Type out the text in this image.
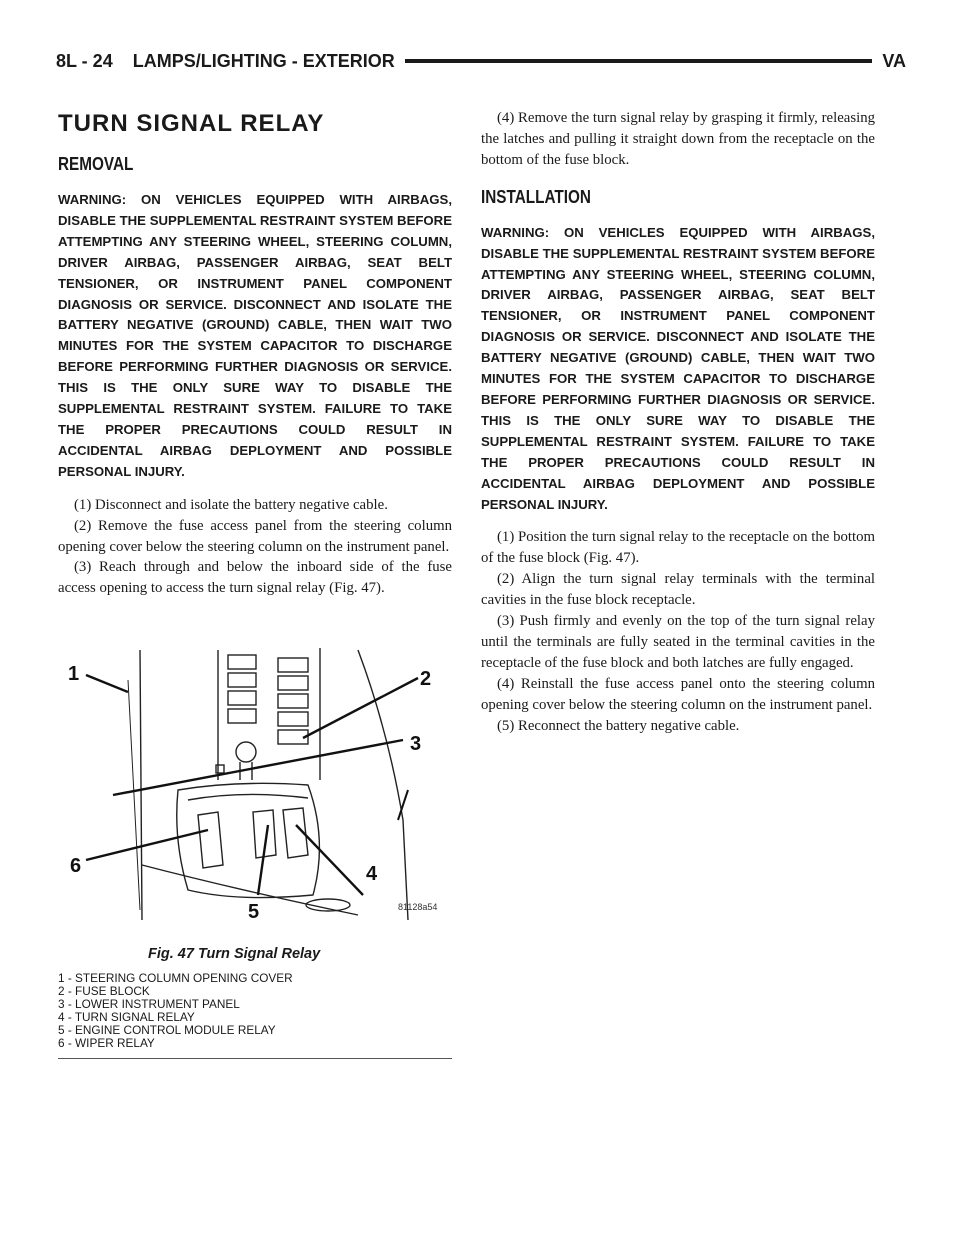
8L - 24    LAMPS/LIGHTING - EXTERIOR	VA
TURN SIGNAL RELAY
REMOVAL

WARNING: ON VEHICLES EQUIPPED WITH AIRBAGS, DISABLE THE SUPPLEMENTAL RESTRAINT SYSTEM BEFORE ATTEMPTING ANY STEERING WHEEL, STEERING COLUMN, DRIVER AIRBAG, PASSENGER AIRBAG, SEAT BELT TENSIONER, OR INSTRUMENT PANEL COMPONENT DIAGNOSIS OR SERVICE. DISCONNECT AND ISOLATE THE BATTERY NEGATIVE (GROUND) CABLE, THEN WAIT TWO MINUTES FOR THE SYSTEM CAPACITOR TO DISCHARGE BEFORE PERFORMING FURTHER DIAGNOSIS OR SERVICE. THIS IS THE ONLY SURE WAY TO DISABLE THE SUPPLEMENTAL RESTRAINT SYSTEM. FAILURE TO TAKE THE PROPER PRECAUTIONS COULD RESULT IN ACCIDENTAL AIRBAG DEPLOYMENT AND POSSIBLE PERSONAL INJURY.

(1) Disconnect and isolate the battery negative cable.

(2) Remove the fuse access panel from the steering column opening cover below the steering column on the instrument panel.

(3) Reach through and below the inboard side of the fuse access opening to access the turn signal relay (Fig. 47).

1	2
3
4
5
6
81128a54
Fig. 47 Turn Signal Relay

1 - STEERING COLUMN OPENING COVER

2 - FUSE BLOCK

3 - LOWER INSTRUMENT PANEL

4 - TURN SIGNAL RELAY

5 - ENGINE CONTROL MODULE RELAY

6 - WIPER RELAY

(4) Remove the turn signal relay by grasping it firmly, releasing the latches and pulling it straight down from the receptacle on the bottom of the fuse block.

INSTALLATION

WARNING: ON VEHICLES EQUIPPED WITH AIRBAGS, DISABLE THE SUPPLEMENTAL RESTRAINT SYSTEM BEFORE ATTEMPTING ANY STEERING WHEEL, STEERING COLUMN, DRIVER AIRBAG, PASSENGER AIRBAG, SEAT BELT TENSIONER, OR INSTRUMENT PANEL COMPONENT DIAGNOSIS OR SERVICE. DISCONNECT AND ISOLATE THE BATTERY NEGATIVE (GROUND) CABLE, THEN WAIT TWO MINUTES FOR THE SYSTEM CAPACITOR TO DISCHARGE BEFORE PERFORMING FURTHER DIAGNOSIS OR SERVICE. THIS IS THE ONLY SURE WAY TO DISABLE THE SUPPLEMENTAL RESTRAINT SYSTEM. FAILURE TO TAKE THE PROPER PRECAUTIONS COULD RESULT IN ACCIDENTAL AIRBAG DEPLOYMENT AND POSSIBLE PERSONAL INJURY.

(1) Position the turn signal relay to the receptacle on the bottom of the fuse block (Fig. 47).

(2) Align the turn signal relay terminals with the terminal cavities in the fuse block receptacle.

(3) Push firmly and evenly on the top of the turn signal relay until the terminals are fully seated in the terminal cavities in the receptacle of the fuse block and both latches are fully engaged.

(4) Reinstall the fuse access panel onto the steering column opening cover below the steering column on the instrument panel.

(5) Reconnect the battery negative cable.
